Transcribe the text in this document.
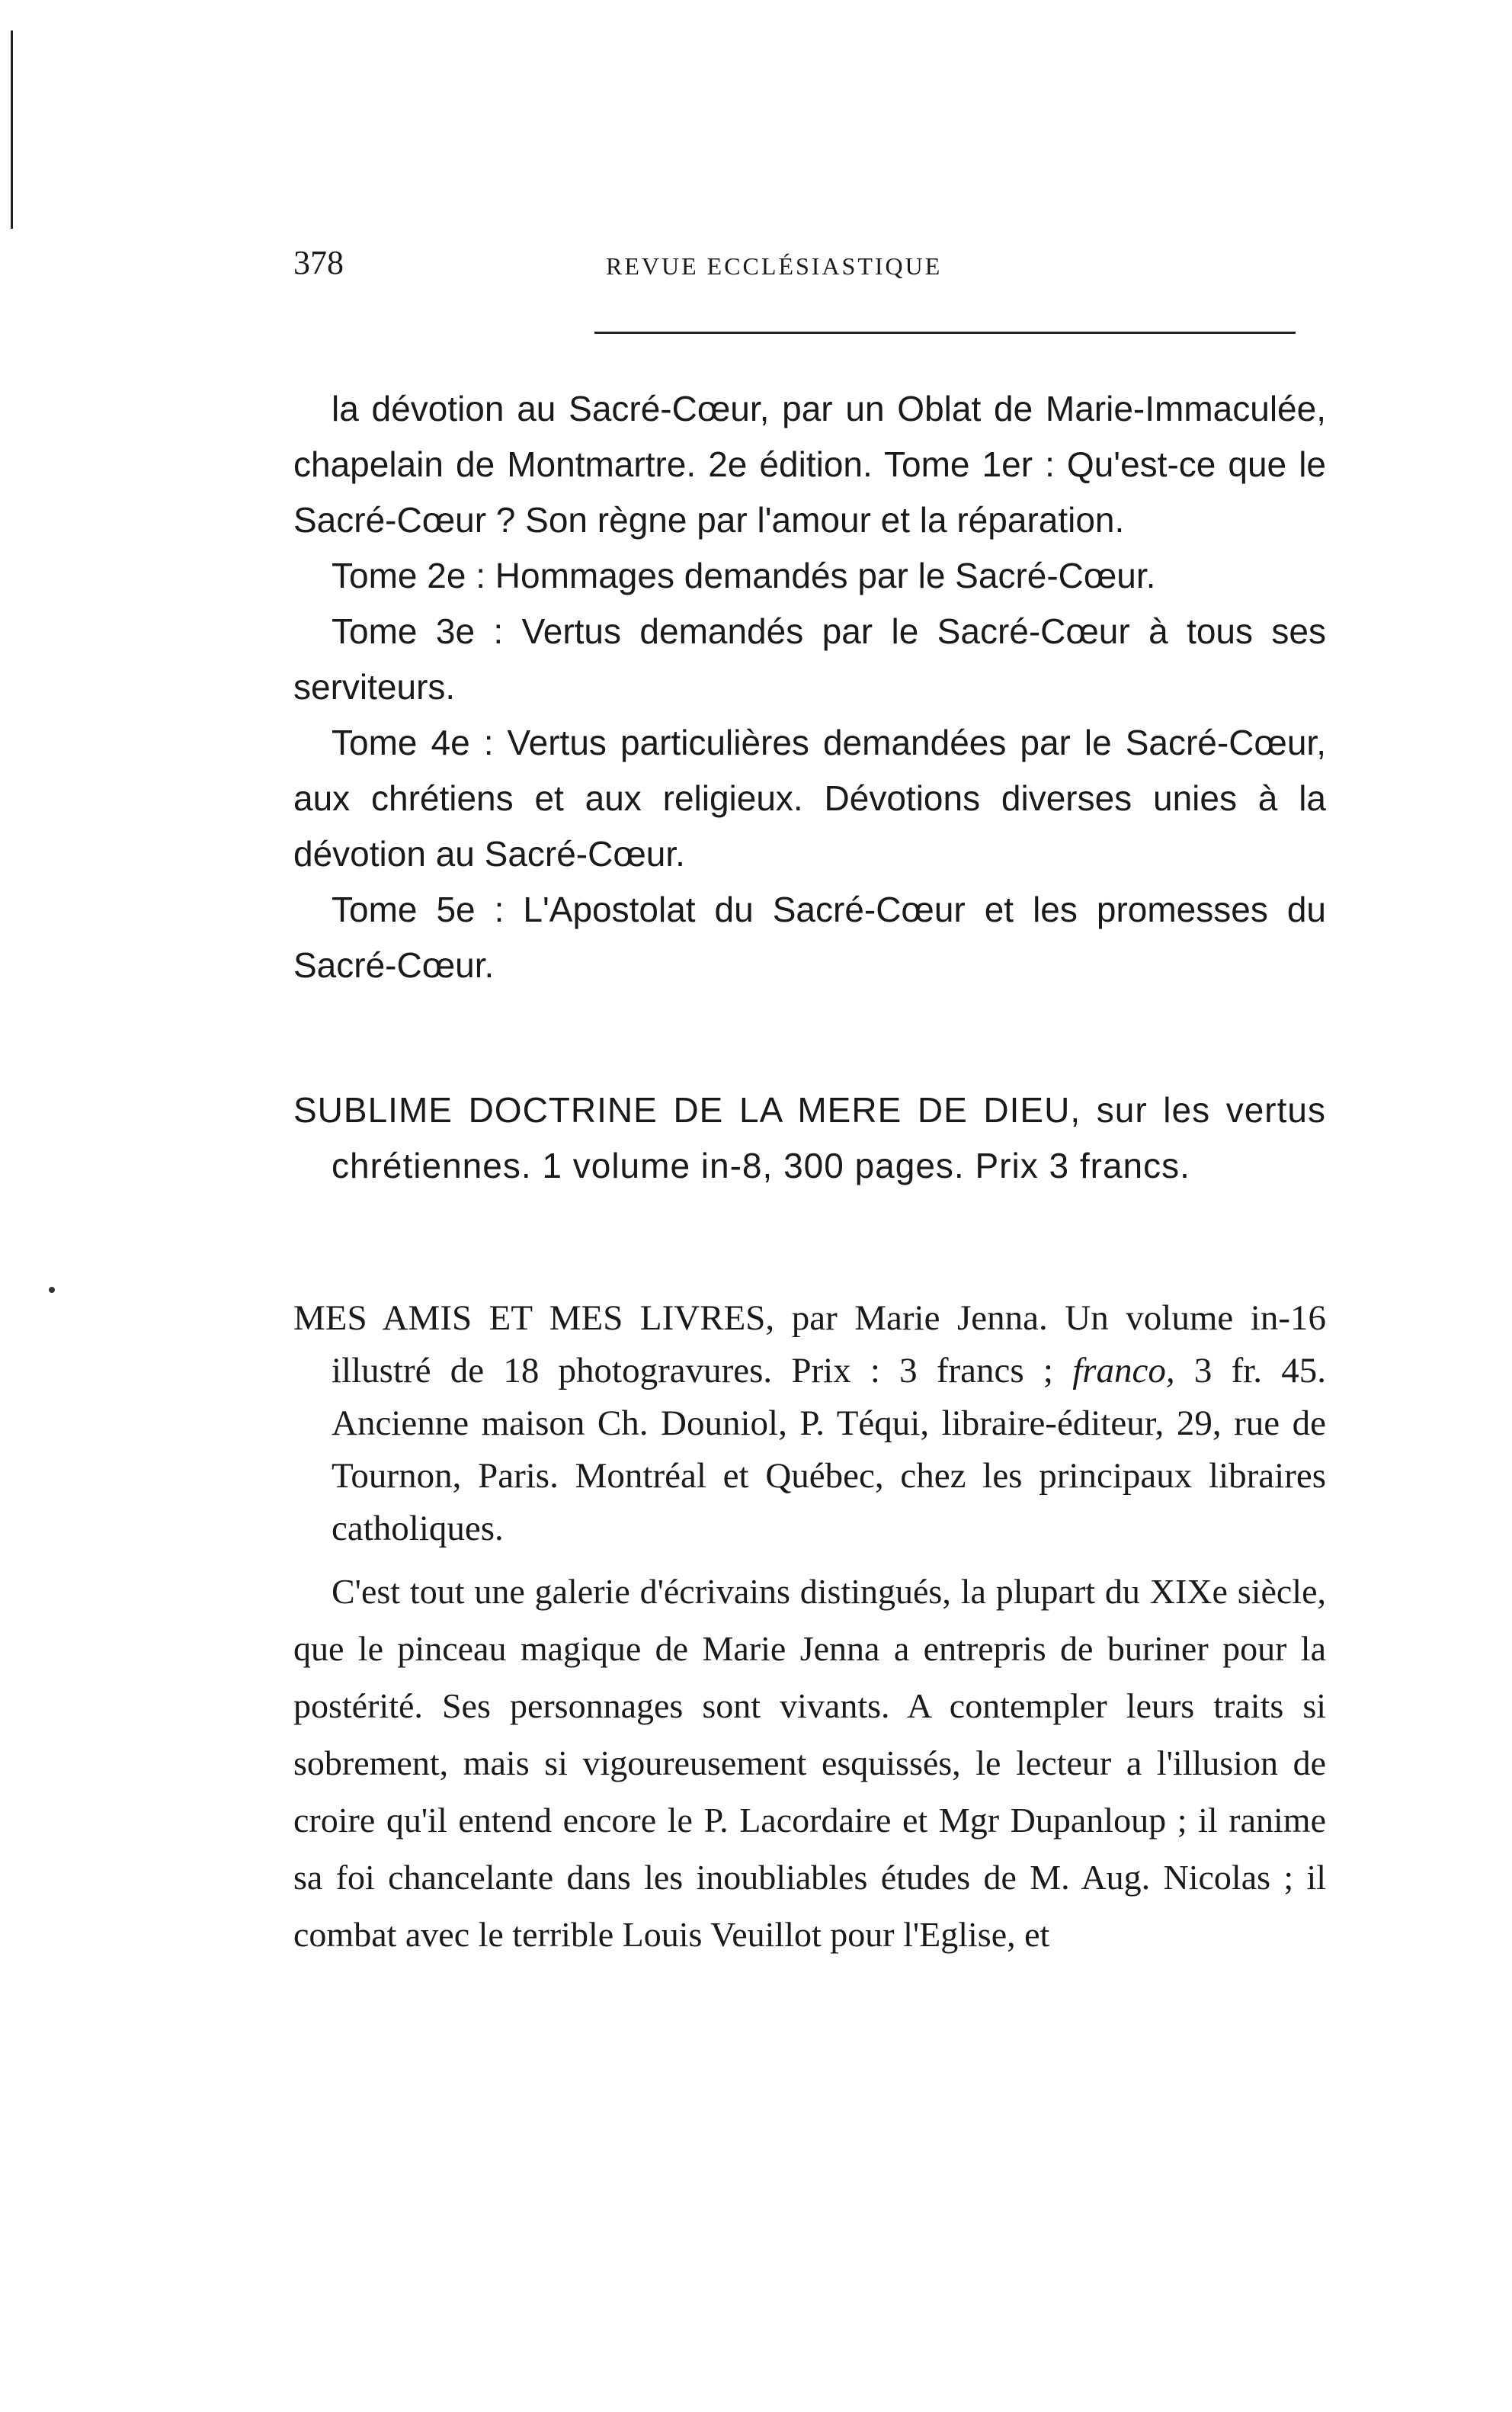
378	REVUE ECCLÉSIASTIQUE

la dévotion au Sacré-Cœur, par un Oblat de Marie-Immaculée, chapelain de Montmartre. 2e édition. Tome 1er : Qu'est-ce que le Sacré-Cœur ? Son règne par l'amour et la réparation.

Tome 2e : Hommages demandés par le Sacré-Cœur.

Tome 3e : Vertus demandés par le Sacré-Cœur à tous ses serviteurs.

Tome 4e : Vertus particulières demandées par le Sacré-Cœur, aux chrétiens et aux religieux. Dévotions diverses unies à la dévotion au Sacré-Cœur.

Tome 5e : L'Apostolat du Sacré-Cœur et les promesses du Sacré-Cœur.

SUBLIME DOCTRINE DE LA MERE DE DIEU, sur les vertus chrétiennes. 1 volume in-8, 300 pages. Prix 3 francs.

MES AMIS ET MES LIVRES, par Marie Jenna. Un volume in-16 illustré de 18 photogravures. Prix : 3 francs ; franco, 3 fr. 45. Ancienne maison Ch. Douniol, P. Téqui, libraire-éditeur, 29, rue de Tournon, Paris. Montréal et Québec, chez les principaux libraires catholiques.

C'est tout une galerie d'écrivains distingués, la plupart du XIXe siècle, que le pinceau magique de Marie Jenna a entrepris de buriner pour la postérité. Ses personnages sont vivants. A contempler leurs traits si sobrement, mais si vigoureusement esquissés, le lecteur a l'illusion de croire qu'il entend encore le P. Lacordaire et Mgr Dupanloup ; il ranime sa foi chancelante dans les inoubliables études de M. Aug. Nicolas ; il combat avec le terrible Louis Veuillot pour l'Eglise, et
